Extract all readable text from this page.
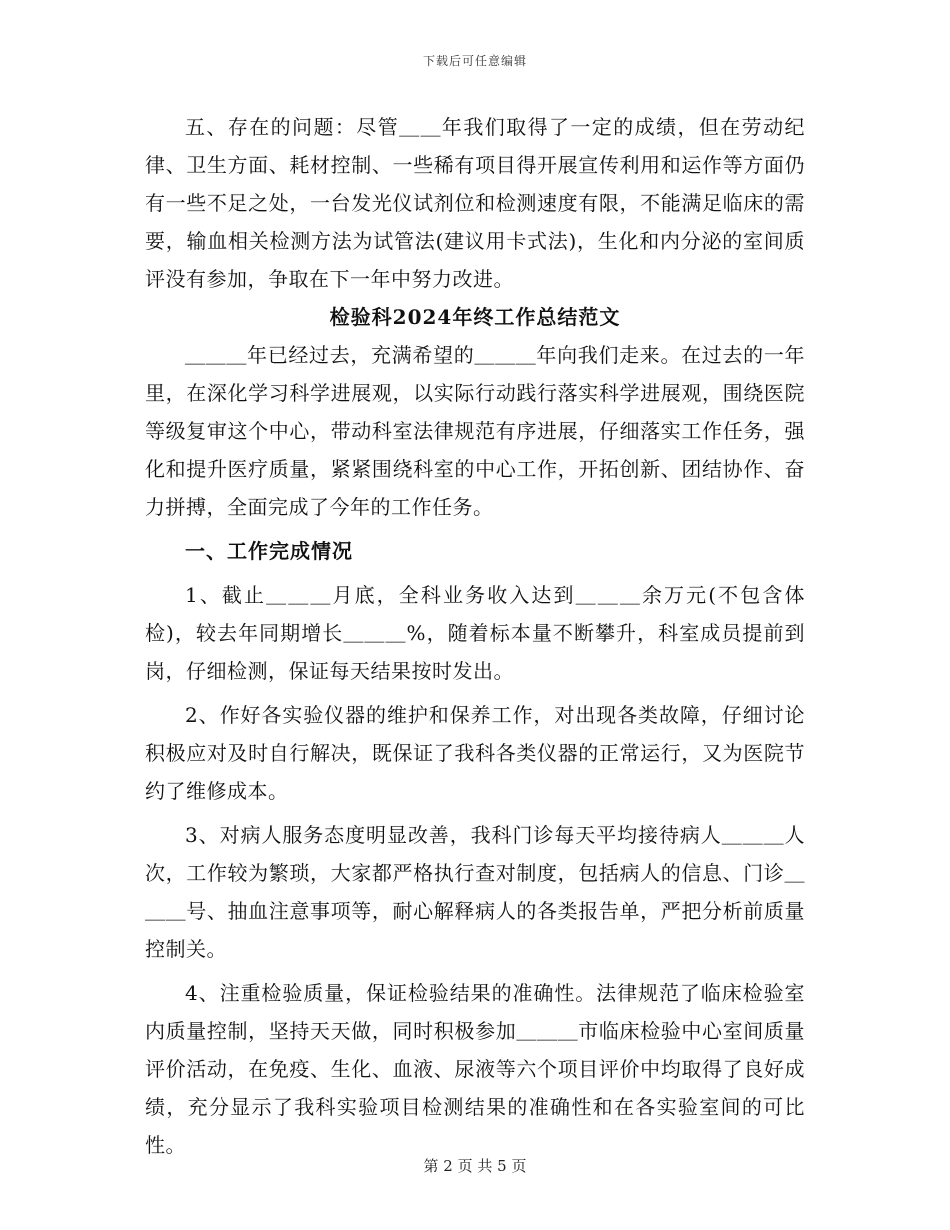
下载后可任意编辑

五、存在的问题：尽管＿＿年我们取得了一定的成绩，但在劳动纪律、卫生方面、耗材控制、一些稀有项目得开展宣传利用和运作等方面仍有一些不足之处，一台发光仪试剂位和检测速度有限，不能满足临床的需要，输血相关检测方法为试管法(建议用卡式法)，生化和内分泌的室间质评没有参加，争取在下一年中努力改进。

检验科2024年终工作总结范文

＿＿＿年已经过去，充满希望的＿＿＿年向我们走来。在过去的一年里，在深化学习科学进展观，以实际行动践行落实科学进展观，围绕医院等级复审这个中心，带动科室法律规范有序进展，仔细落实工作任务，强化和提升医疗质量，紧紧围绕科室的中心工作，开拓创新、团结协作、奋力拼搏，全面完成了今年的工作任务。

一、工作完成情况

1、截止＿＿＿月底，全科业务收入达到＿＿＿余万元(不包含体检)，较去年同期增长＿＿＿%，随着标本量不断攀升，科室成员提前到岗，仔细检测，保证每天结果按时发出。

2、作好各实验仪器的维护和保养工作，对出现各类故障，仔细讨论积极应对及时自行解决，既保证了我科各类仪器的正常运行，又为医院节约了维修成本。

3、对病人服务态度明显改善，我科门诊每天平均接待病人＿＿＿人次，工作较为繁琐，大家都严格执行查对制度，包括病人的信息、门诊＿＿＿号、抽血注意事项等，耐心解释病人的各类报告单，严把分析前质量控制关。

4、注重检验质量，保证检验结果的准确性。法律规范了临床检验室内质量控制，坚持天天做，同时积极参加＿＿＿市临床检验中心室间质量评价活动，在免疫、生化、血液、尿液等六个项目评价中均取得了良好成绩，充分显示了我科实验项目检测结果的准确性和在各实验室间的可比性。

第 2 页 共 5 页
